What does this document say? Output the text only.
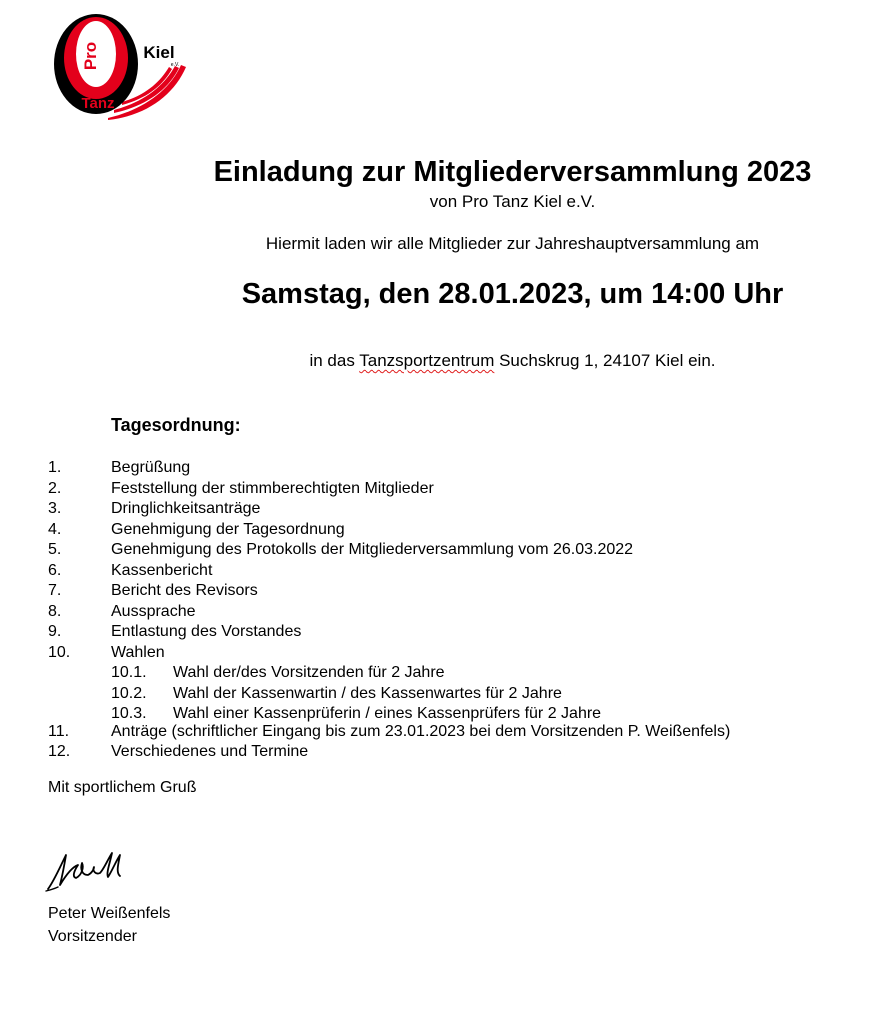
Pro
Tanz
Kiel
e.V.
Einladung zur Mitgliederversammlung 2023
von Pro Tanz Kiel e.V.
Hiermit laden wir alle Mitglieder zur Jahreshauptversammlung am
Samstag, den 28.01.2023, um 14:00 Uhr
in das Tanzsportzentrum Suchskrug 1, 24107 Kiel ein.
Tagesordnung:
1.	Begrüßung
2.	Feststellung der stimmberechtigten Mitglieder
3.	Dringlichkeitsanträge
4.	Genehmigung der Tagesordnung
5.	Genehmigung des Protokolls der Mitgliederversammlung vom 26.03.2022
6.	Kassenbericht
7.	Bericht des Revisors
8.	Aussprache
9.	Entlastung des Vorstandes
10.	Wahlen
10.1. Wahl der/des Vorsitzenden für 2 Jahre
10.2. Wahl der Kassenwartin / des Kassenwartes für 2 Jahre
10.3. Wahl einer Kassenprüferin / eines Kassenprüfers für 2 Jahre
11.	Anträge (schriftlicher Eingang bis zum 23.01.2023 bei dem Vorsitzenden P. Weißenfels)
12.	Verschiedenes und Termine
Mit sportlichem Gruß
Peter Weißenfels
Vorsitzender
